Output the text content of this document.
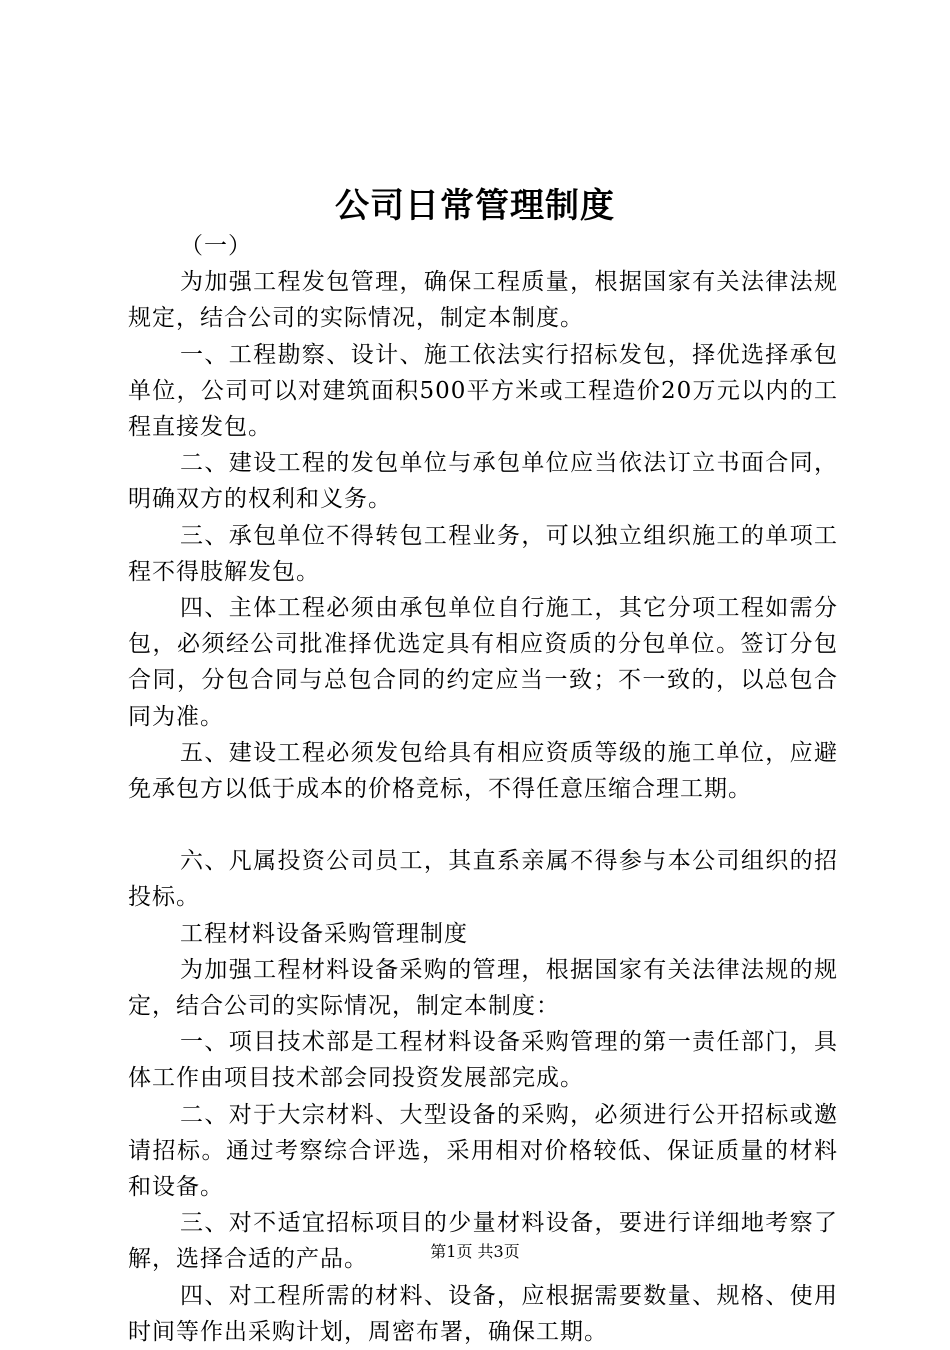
公司日常管理制度

（一）

为加强工程发包管理，确保工程质量，根据国家有关法律法规规定，结合公司的实际情况，制定本制度。

一、工程勘察、设计、施工依法实行招标发包，择优选择承包单位，公司可以对建筑面积500平方米或工程造价20万元以内的工程直接发包。

二、建设工程的发包单位与承包单位应当依法订立书面合同，明确双方的权利和义务。

三、承包单位不得转包工程业务，可以独立组织施工的单项工程不得肢解发包。

四、主体工程必须由承包单位自行施工，其它分项工程如需分包，必须经公司批准择优选定具有相应资质的分包单位。签订分包合同，分包合同与总包合同的约定应当一致；不一致的，以总包合同为准。

五、建设工程必须发包给具有相应资质等级的施工单位，应避免承包方以低于成本的价格竞标，不得任意压缩合理工期。

六、凡属投资公司员工，其直系亲属不得参与本公司组织的招投标。

工程材料设备采购管理制度

为加强工程材料设备采购的管理，根据国家有关法律法规的规定，结合公司的实际情况，制定本制度：

一、项目技术部是工程材料设备采购管理的第一责任部门，具体工作由项目技术部会同投资发展部完成。

二、对于大宗材料、大型设备的采购，必须进行公开招标或邀请招标。通过考察综合评选，采用相对价格较低、保证质量的材料和设备。

三、对不适宜招标项目的少量材料设备，要进行详细地考察了解，选择合适的产品。

四、对工程所需的材料、设备，应根据需要数量、规格、使用时间等作出采购计划，周密布署，确保工期。

第1页 共3页
